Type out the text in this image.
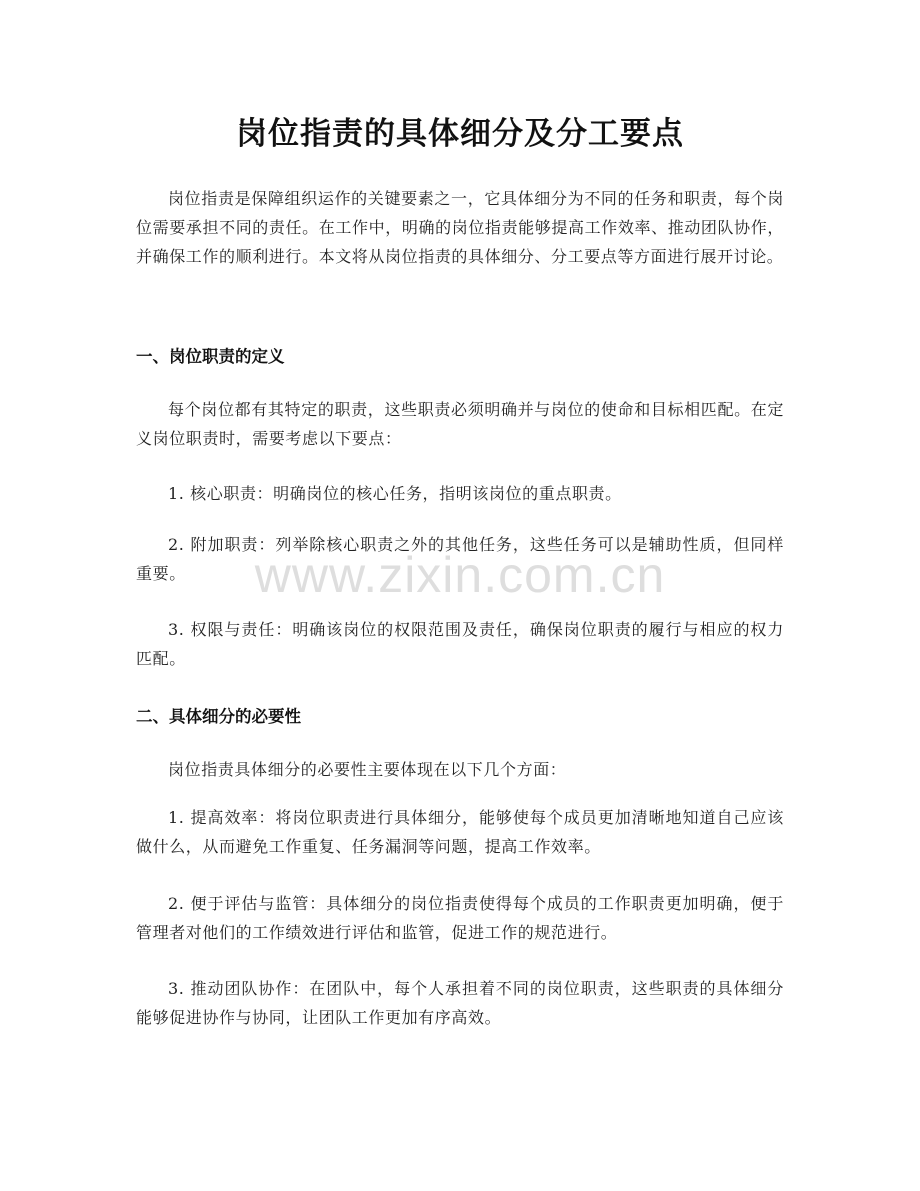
岗位指责的具体细分及分工要点

岗位指责是保障组织运作的关键要素之一，它具体细分为不同的任务和职责，每个岗位需要承担不同的责任。在工作中，明确的岗位指责能够提高工作效率、推动团队协作，并确保工作的顺利进行。本文将从岗位指责的具体细分、分工要点等方面进行展开讨论。

一、岗位职责的定义

每个岗位都有其特定的职责，这些职责必须明确并与岗位的使命和目标相匹配。在定义岗位职责时，需要考虑以下要点：

1. 核心职责：明确岗位的核心任务，指明该岗位的重点职责。

2. 附加职责：列举除核心职责之外的其他任务，这些任务可以是辅助性质，但同样重要。

3. 权限与责任：明确该岗位的权限范围及责任，确保岗位职责的履行与相应的权力匹配。

二、具体细分的必要性

岗位指责具体细分的必要性主要体现在以下几个方面：

1. 提高效率：将岗位职责进行具体细分，能够使每个成员更加清晰地知道自己应该做什么，从而避免工作重复、任务漏洞等问题，提高工作效率。

2. 便于评估与监管：具体细分的岗位指责使得每个成员的工作职责更加明确，便于管理者对他们的工作绩效进行评估和监管，促进工作的规范进行。

3. 推动团队协作：在团队中，每个人承担着不同的岗位职责，这些职责的具体细分能够促进协作与协同，让团队工作更加有序高效。

www.zixin.com.cn
